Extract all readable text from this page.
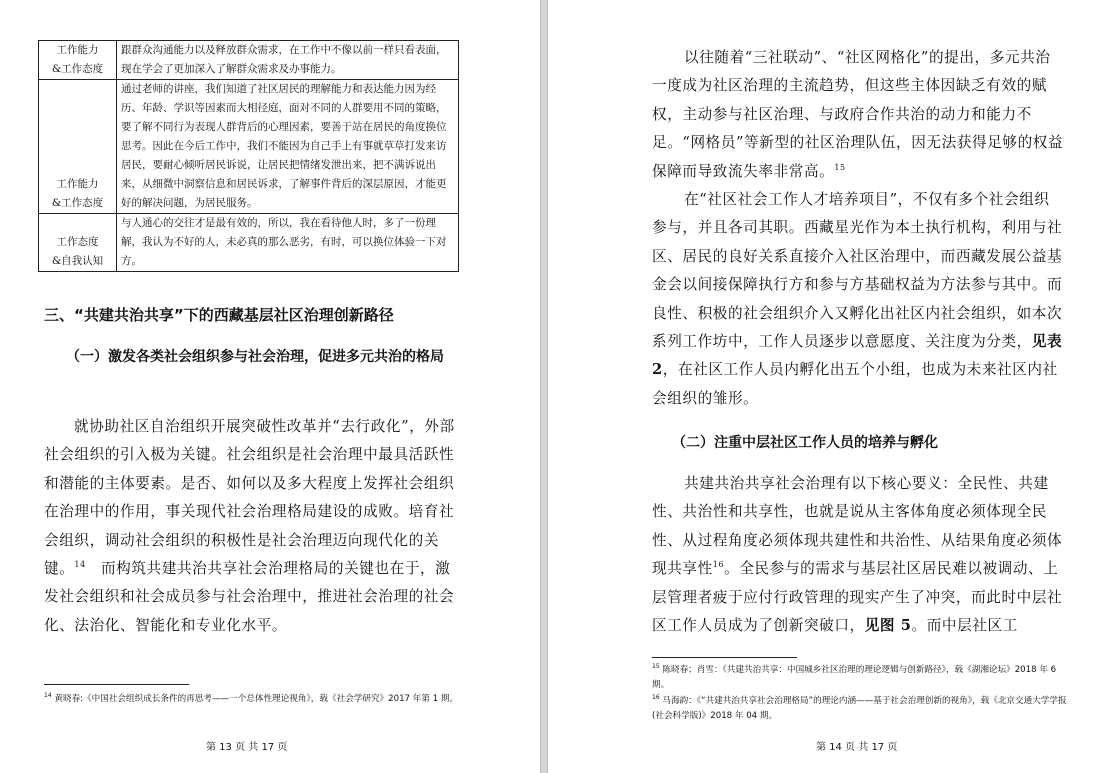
工作能力
&工作态度	跟群众沟通能力以及释放群众需求，在工作中不像以前一样只看表面，现在学会了更加深入了解群众需求及办事能力。

工作能力
&工作态度	通过老师的讲座，我们知道了社区居民的理解能力和表达能力因为经历、年龄、学识等因素而大相径庭，面对不同的人群要用不同的策略，要了解不同行为表现人群背后的心理因素，要善于站在居民的角度换位思考。因此在今后工作中，我们不能因为自己手上有事就草草打发来访居民，要耐心倾听居民诉说，让居民把情绪发泄出来，把不满诉说出来，从细微中洞察信息和居民诉求，了解事件背后的深层原因，才能更好的解决问题，为居民服务。

工作态度
&自我认知	与人通心的交往才是最有效的，所以，我在看待他人时，多了一份理解，我认为不好的人，未必真的那么恶劣，有时，可以换位体验一下对方。
三、“共建共治共享”下的西藏基层社区治理创新路径
（一）激发各类社会组织参与社会治理，促进多元共治的格局

就协助社区自治组织开展突破性改革并“去行政化”，外部社会组织的引入极为关键。社会组织是社会治理中最具活跃性和潜能的主体要素。是否、如何以及多大程度上发挥社会组织在治理中的作用，事关现代社会治理格局建设的成败。培育社会组织，调动社会组织的积极性是社会治理迈向现代化的关键。$^{14}$　而构筑共建共治共享社会治理格局的关键也在于，激发社会组织和社会成员参与社会治理中，推进社会治理的社会化、法治化、智能化和专业化水平。

$^{14}$ 黄晓春:《中国社会组织成长条件的再思考——一个总体性理论视角》，载《社会学研究》2017 年第 1 期。
第 13 页 共 17 页

以往随着“三社联动”、“社区网格化”的提出，多元共治一度成为社区治理的主流趋势，但这些主体因缺乏有效的赋权，主动参与社区治理、与政府合作共治的动力和能力不足。“网格员”等新型的社区治理队伍，因无法获得足够的权益保障而导致流失率非常高。$^{15}$

在“社区社会工作人才培养项目”，不仅有多个社会组织参与，并且各司其职。西藏星光作为本土执行机构，利用与社区、居民的良好关系直接介入社区治理中，而西藏发展公益基金会以间接保障执行方和参与方基础权益为方法参与其中。而良性、积极的社会组织介入又孵化出社区内社会组织，如本次系列工作坊中，工作人员逐步以意愿度、关注度为分类，见表 2，在社区工作人员内孵化出五个小组，也成为未来社区内社会组织的雏形。

（二）注重中层社区工作人员的培养与孵化

共建共治共享社会治理有以下核心要义：全民性、共建性、共治性和共享性，也就是说从主客体角度必须体现全民性、从过程角度必须体现共建性和共治性、从结果角度必须体现共享性$^{16}$。全民参与的需求与基层社区居民难以被调动、上层管理者疲于应付行政管理的现实产生了冲突，而此时中层社区工作人员成为了创新突破口，见图 5。而中层社区工

$^{15}$ 陈晓春；肖雪：《共建共治共享：中国城乡社区治理的理论逻辑与创新路径》，载《湖湘论坛》2018 年 6 期。
$^{16}$ 马海韵：《“共建共治共享社会治理格局”的理论内涵——基于社会治理创新的视角》，载《北京交通大学学报(社会科学版)》2018 年 04 期。
第 14 页 共 17 页
